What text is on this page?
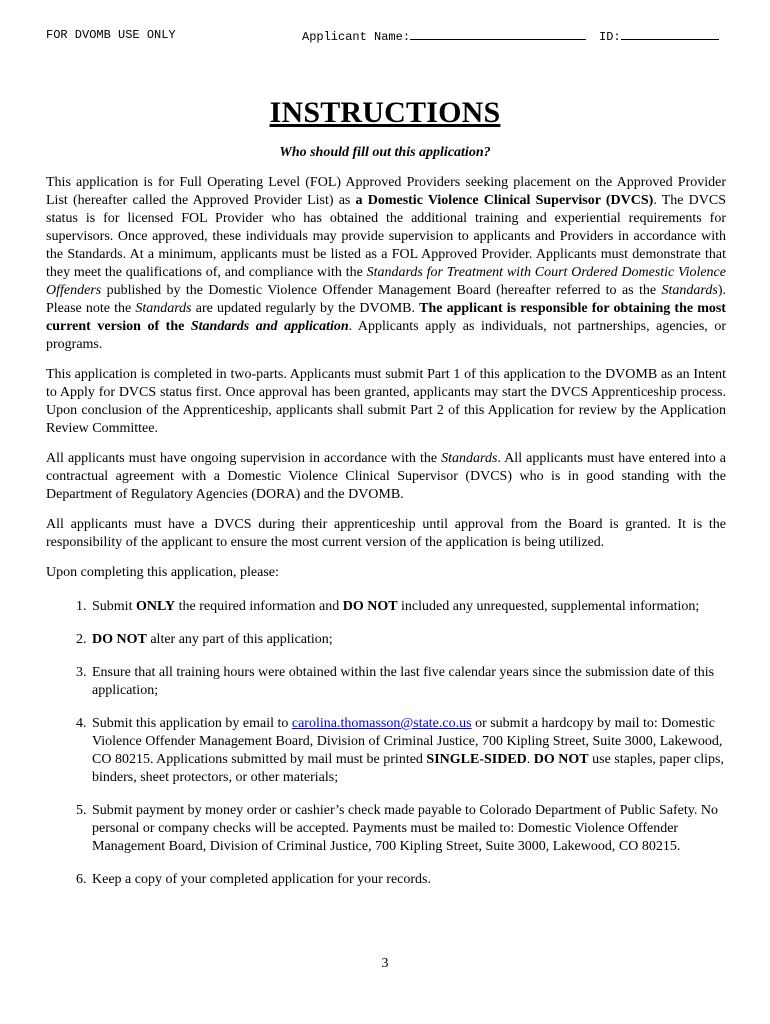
FOR DVOMB USE ONLY	Applicant Name:	ID:
INSTRUCTIONS
Who should fill out this application?

This application is for Full Operating Level (FOL) Approved Providers seeking placement on the Approved Provider List (hereafter called the Approved Provider List) as a Domestic Violence Clinical Supervisor (DVCS). The DVCS status is for licensed FOL Provider who has obtained the additional training and experiential requirements for supervisors. Once approved, these individuals may provide supervision to applicants and Providers in accordance with the Standards. At a minimum, applicants must be listed as a FOL Approved Provider. Applicants must demonstrate that they meet the qualifications of, and compliance with the Standards for Treatment with Court Ordered Domestic Violence Offenders published by the Domestic Violence Offender Management Board (hereafter referred to as the Standards). Please note the Standards are updated regularly by the DVOMB. The applicant is responsible for obtaining the most current version of the Standards and application. Applicants apply as individuals, not partnerships, agencies, or programs.

This application is completed in two-parts. Applicants must submit Part 1 of this application to the DVOMB as an Intent to Apply for DVCS status first. Once approval has been granted, applicants may start the DVCS Apprenticeship process. Upon conclusion of the Apprenticeship, applicants shall submit Part 2 of this Application for review by the Application Review Committee.

All applicants must have ongoing supervision in accordance with the Standards. All applicants must have entered into a contractual agreement with a Domestic Violence Clinical Supervisor (DVCS) who is in good standing with the Department of Regulatory Agencies (DORA) and the DVOMB.

All applicants must have a DVCS during their apprenticeship until approval from the Board is granted. It is the responsibility of the applicant to ensure the most current version of the application is being utilized.

Upon completing this application, please:

1. Submit ONLY the required information and DO NOT included any unrequested, supplemental information;
2. DO NOT alter any part of this application;
3. Ensure that all training hours were obtained within the last five calendar years since the submission date of this application;
4. Submit this application by email to carolina.thomasson@state.co.us or submit a hardcopy by mail to: Domestic Violence Offender Management Board, Division of Criminal Justice, 700 Kipling Street, Suite 3000, Lakewood, CO 80215. Applications submitted by mail must be printed SINGLE-SIDED. DO NOT use staples, paper clips, binders, sheet protectors, or other materials;
5. Submit payment by money order or cashier’s check made payable to Colorado Department of Public Safety. No personal or company checks will be accepted. Payments must be mailed to: Domestic Violence Offender Management Board, Division of Criminal Justice, 700 Kipling Street, Suite 3000, Lakewood, CO 80215.
6. Keep a copy of your completed application for your records.
3
